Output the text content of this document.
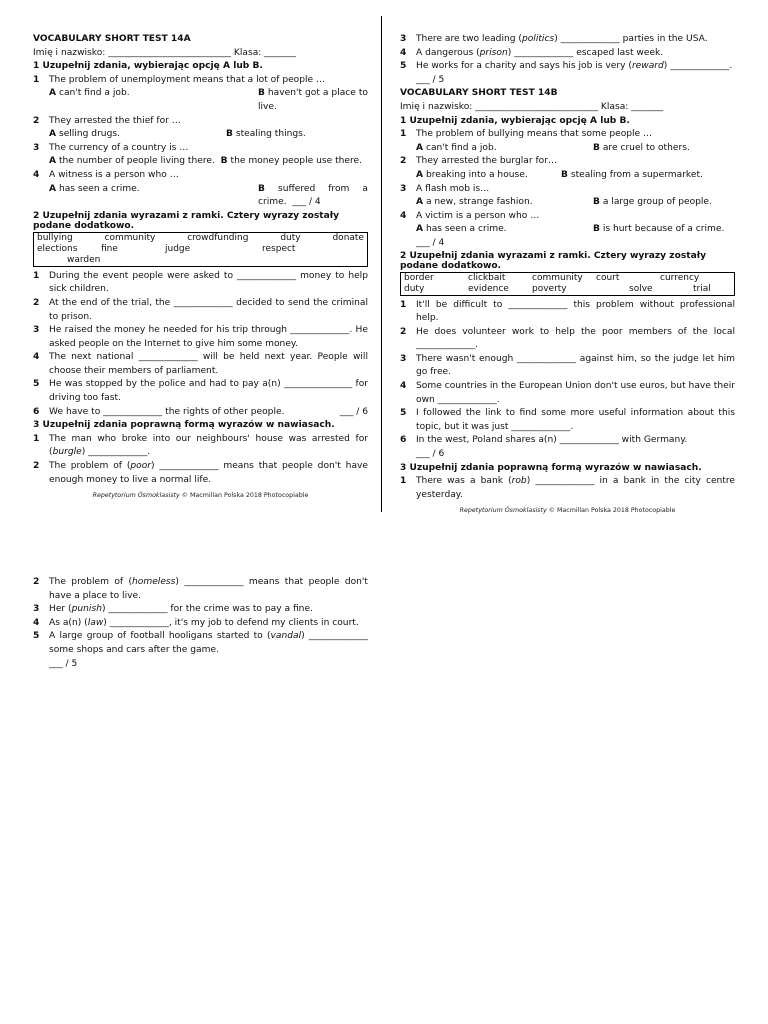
VOCABULARY SHORT TEST 14A
Imię i nazwisko: ___________________________ Klasa: _______
1 Uzupełnij zdania, wybierając opcję A lub B.
1 The problem of unemployment means that a lot of people …
A can't find a job.	B haven't got a place to live.
2 They arrested the thief for …
A selling drugs.	B stealing things.
3 The currency of a country is …
A the number of people living there. B the money people use there.
4 A witness is a person who …
A has seen a crime.	B suffered from a crime. ___ / 4
2 Uzupełnij zdania wyrazami z ramki. Cztery wyrazy zostały podane dodatkowo.
bullying	community	crowdfunding	duty	donate
elections	fine	judge	respect
warden
1 During the event people were asked to _____________ money to help sick children.
2 At the end of the trial, the _____________ decided to send the criminal to prison.
3 He raised the money he needed for his trip through _____________. He asked people on the Internet to give him some money.
4 The next national _____________ will be held next year. People will choose their members of parliament.
5 He was stopped by the police and had to pay a(n) _______________ for driving too fast.
6 We have to _____________ the rights of other people.	___ / 6
3 Uzupełnij zdania poprawną formą wyrazów w nawiasach.
1 The man who broke into our neighbours' house was arrested for (burgle) _____________.
2 The problem of (poor) _____________ means that people don't have enough money to live a normal life.
Repetytorium Ósmoklasisty © Macmillan Polska 2018 Photocopiable
3 There are two leading (politics) _____________ parties in the USA.
4 A dangerous (prison) _____________ escaped last week.
5 He works for a charity and says his job is very (reward) _____________.
___ / 5
VOCABULARY SHORT TEST 14B
Imię i nazwisko: ___________________________ Klasa: _______
1 Uzupełnij zdania, wybierając opcję A lub B.
1 The problem of bullying means that some people …
A can't find a job.	B are cruel to others.
2 They arrested the burglar for…
A breaking into a house.	B stealing from a supermarket.
3 A flash mob is…
A a new, strange fashion.	B a large group of people.
4 A victim is a person who …
A has seen a crime.	B is hurt because of a crime.
___ / 4
2 Uzupełnij zdania wyrazami z ramki. Cztery wyrazy zostały podane dodatkowo.
border	clickbait	community	court	currency
duty	evidence	poverty	solve	trial
1 It'll be difficult to _____________ this problem without professional help.
2 He does volunteer work to help the poor members of the local _____________.
3 There wasn't enough _____________ against him, so the judge let him go free.
4 Some countries in the European Union don't use euros, but have their own _____________.
5 I followed the link to find some more useful information about this topic, but it was just _____________.
6 In the west, Poland shares a(n) _____________ with Germany.
___ / 6
3 Uzupełnij zdania poprawną formą wyrazów w nawiasach.
1 There was a bank (rob) _____________ in a bank in the city centre yesterday.
Repetytorium Ósmoklasisty © Macmillan Polska 2018 Photocopiable
2 The problem of (homeless) _____________ means that people don't have a place to live.
3 Her (punish) _____________ for the crime was to pay a fine.
4 As a(n) (law) _____________, it's my job to defend my clients in court.
5 A large group of football hooligans started to (vandal) _____________ some shops and cars after the game.
___ / 5
